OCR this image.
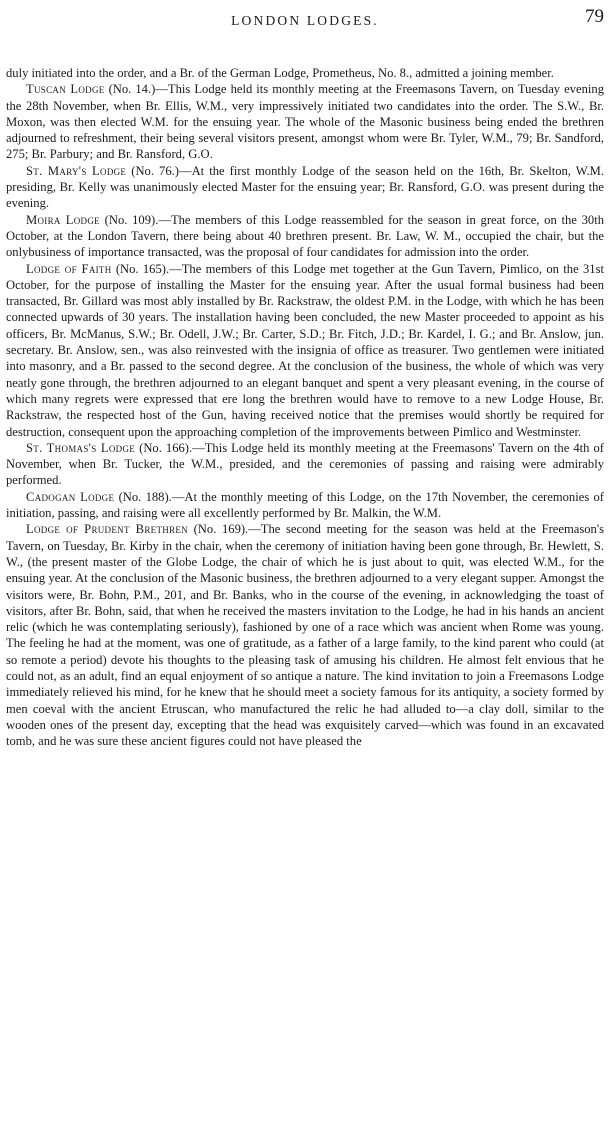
LONDON LODGES.	79

duly initiated into the order, and a Br. of the German Lodge, Prometheus, No. 8., admitted a joining member.

Tuscan Lodge (No. 14.)—This Lodge held its monthly meeting at the Freemasons Tavern, on Tuesday evening the 28th November, when Br. Ellis, W.M., very impressively initiated two candidates into the order. The S.W., Br. Moxon, was then elected W.M. for the ensuing year. The whole of the Masonic business being ended the brethren adjourned to refreshment, their being several visitors present, amongst whom were Br. Tyler, W.M., 79; Br. Sandford, 275; Br. Parbury; and Br. Ransford, G.O.

St. Mary's Lodge (No. 76.)—At the first monthly Lodge of the season held on the 16th, Br. Skelton, W.M. presiding, Br. Kelly was unanimously elected Master for the ensuing year; Br. Ransford, G.O. was present during the evening.

Moira Lodge (No. 109).—The members of this Lodge reassembled for the season in great force, on the 30th October, at the London Tavern, there being about 40 brethren present. Br. Law, W. M., occupied the chair, but the onlybusiness of importance transacted, was the proposal of four candidates for admission into the order.

Lodge of Faith (No. 165).—The members of this Lodge met together at the Gun Tavern, Pimlico, on the 31st October, for the purpose of installing the Master for the ensuing year. After the usual formal business had been transacted, Br. Gillard was most ably installed by Br. Rackstraw, the oldest P.M. in the Lodge, with which he has been connected upwards of 30 years. The installation having been concluded, the new Master proceeded to appoint as his officers, Br. McManus, S.W.; Br. Odell, J.W.; Br. Carter, S.D.; Br. Fitch, J.D.; Br. Kardel, I. G.; and Br. Anslow, jun. secretary. Br. Anslow, sen., was also reinvested with the insignia of office as treasurer. Two gentlemen were initiated into masonry, and a Br. passed to the second degree. At the conclusion of the business, the whole of which was very neatly gone through, the brethren adjourned to an elegant banquet and spent a very pleasant evening, in the course of which many regrets were expressed that ere long the brethren would have to remove to a new Lodge House, Br. Rackstraw, the respected host of the Gun, having received notice that the premises would shortly be required for destruction, consequent upon the approaching completion of the improvements between Pimlico and Westminster.

St. Thomas's Lodge (No. 166).—This Lodge held its monthly meeting at the Freemasons' Tavern on the 4th of November, when Br. Tucker, the W.M., presided, and the ceremonies of passing and raising were admirably performed.

Cadogan Lodge (No. 188).—At the monthly meeting of this Lodge, on the 17th November, the ceremonies of initiation, passing, and raising were all excellently performed by Br. Malkin, the W.M.

Lodge of Prudent Brethren (No. 169).—The second meeting for the season was held at the Freemason's Tavern, on Tuesday, Br. Kirby in the chair, when the ceremony of initiation having been gone through, Br. Hewlett, S. W., (the present master of the Globe Lodge, the chair of which he is just about to quit, was elected W.M., for the ensuing year. At the conclusion of the Masonic business, the brethren adjourned to a very elegant supper. Amongst the visitors were, Br. Bohn, P.M., 201, and Br. Banks, who in the course of the evening, in acknowledging the toast of visitors, after Br. Bohn, said, that when he received the masters invitation to the Lodge, he had in his hands an ancient relic (which he was contemplating seriously), fashioned by one of a race which was ancient when Rome was young. The feeling he had at the moment, was one of gratitude, as a father of a large family, to the kind parent who could (at so remote a period) devote his thoughts to the pleasing task of amusing his children. He almost felt envious that he could not, as an adult, find an equal enjoyment of so antique a nature. The kind invitation to join a Freemasons Lodge immediately relieved his mind, for he knew that he should meet a society famous for its antiquity, a society formed by men coeval with the ancient Etruscan, who manufactured the relic he had alluded to—a clay doll, similar to the wooden ones of the present day, excepting that the head was exquisitely carved—which was found in an excavated tomb, and he was sure these ancient figures could not have pleased the
